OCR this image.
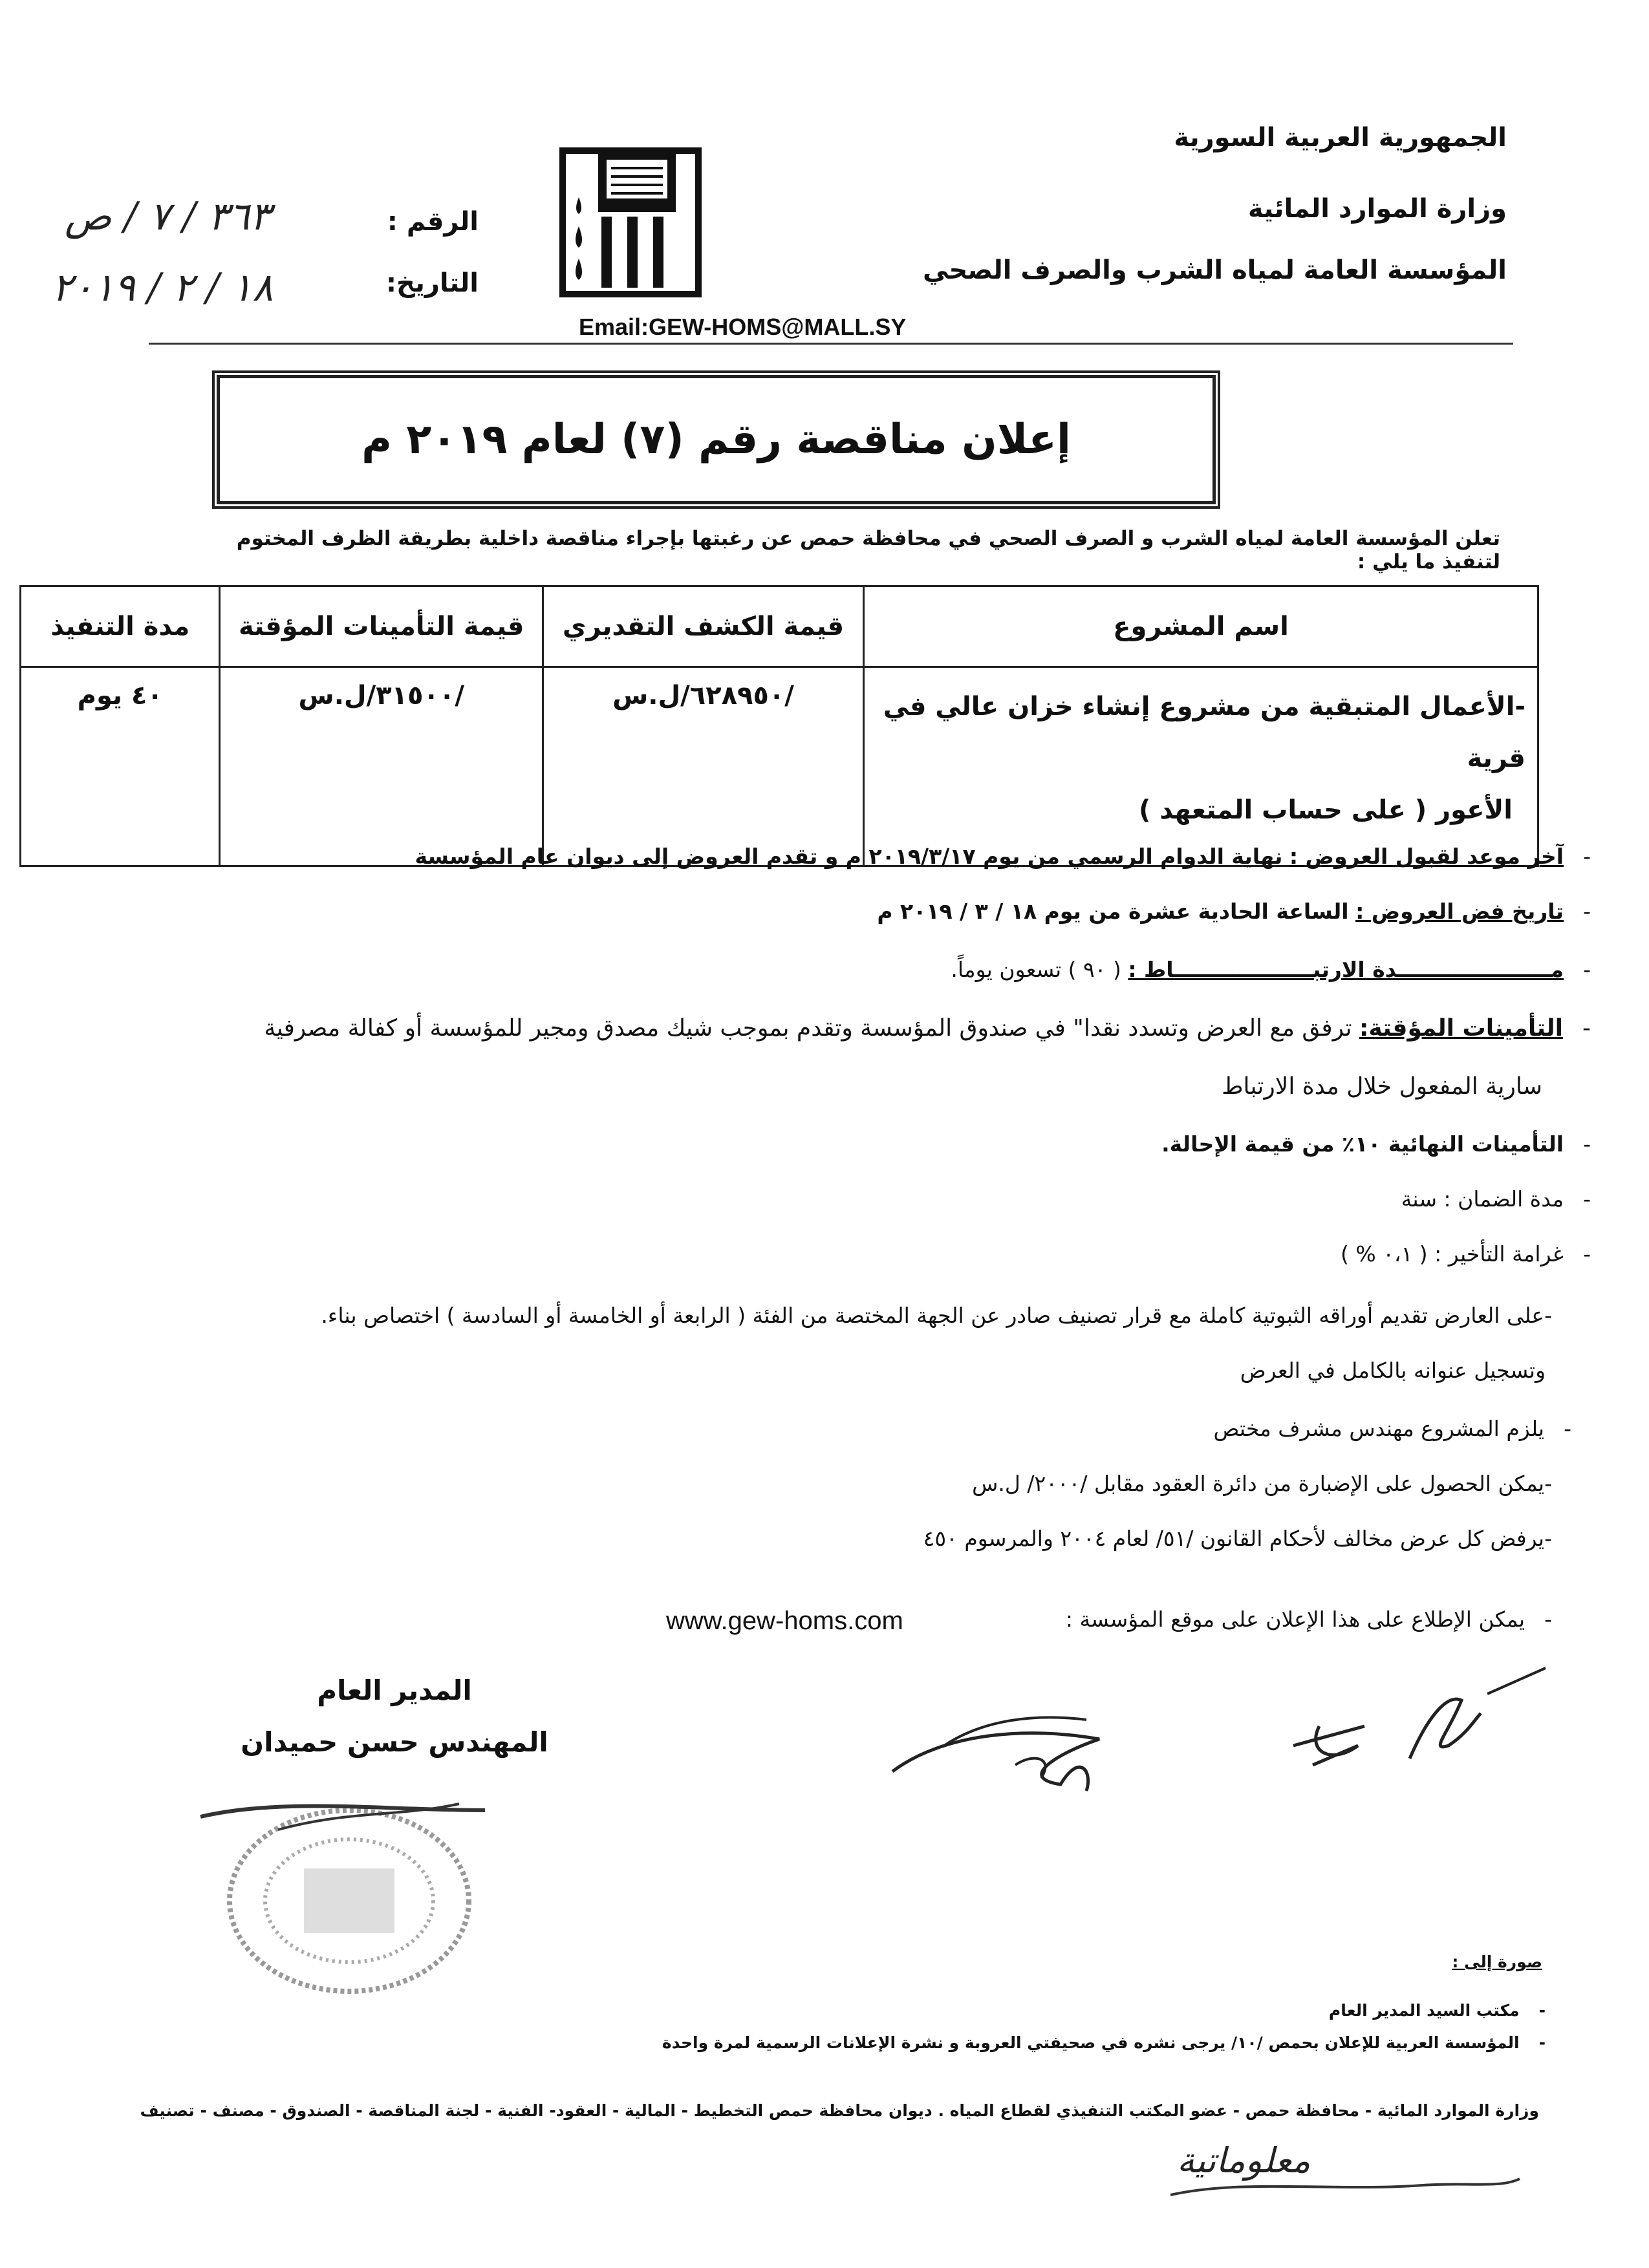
الجمهورية العربية السورية
وزارة الموارد المائية
المؤسسة العامة لمياه الشرب والصرف الصحي
Email:GEW-HOMS@MALL.SY
الرقم :
٣٦٣ / ٧ / ص
التاريخ:
١٨ / ٢ / ٢٠١٩
إعلان مناقصة رقم (٧) لعام ٢٠١٩ م
تعلن المؤسسة العامة لمياه الشرب و الصرف الصحي في محافظة حمص عن رغبتها بإجراء مناقصة داخلية بطريقة الظرف المختوم لتنفيذ ما يلي :
اسم المشروع	قيمة الكشف التقديري	قيمة التأمينات المؤقتة	مدة التنفيذ

-الأعمال المتبقية من مشروع إنشاء خزان عالي في قرية
الأعور ( على حساب المتعهد )	/٦٢٨٩٥٠/ل.س	/٣١٥٠٠/ل.س	٤٠ يوم
-آخر موعد لقبول العروض : نهاية الدوام الرسمي من يوم ٢٠١٩/٣/١٧ م و تقدم العروض إلى ديوان عام المؤسسة
-تاريخ فض العروض : الساعة الحادية عشرة من يوم ١٨ / ٣ / ٢٠١٩ م
-مـــــــــــــــــــــدة الارتبـــــــــــــــــــاط : ( ٩٠ ) تسعون يوماً.
-التأمينات المؤقتة: ترفق مع العرض وتسدد نقدا" في صندوق المؤسسة وتقدم بموجب شيك مصدق ومجير للمؤسسة أو كفالة مصرفية
سارية المفعول خلال مدة الارتباط
-التأمينات النهائية ١٠٪ من قيمة الإحالة.
-مدة الضمان : سنة
-غرامة التأخير : ( ٠،١ % )
-على العارض تقديم أوراقه الثبوتية كاملة مع قرار تصنيف صادر عن الجهة المختصة من الفئة ( الرابعة أو الخامسة أو السادسة ) اختصاص بناء.
وتسجيل عنوانه بالكامل في العرض
-يلزم المشروع مهندس مشرف مختص
-يمكن الحصول على الإضبارة من دائرة العقود مقابل /٢٠٠٠/ ل.س
-يرفض كل عرض مخالف لأحكام القانون /٥١/ لعام ٢٠٠٤ والمرسوم ٤٥٠
-يمكن الإطلاع على هذا الإعلان على موقع المؤسسة :
www.gew-homs.com
المدير العام
المهندس حسن حميدان
صورة إلى :
-مكتب السيد المدير العام
-المؤسسة العربية للإعلان بحمص /١٠/ يرجى نشره في صحيفتي العروبة و نشرة الإعلانات الرسمية لمرة واحدة
وزارة الموارد المائية - محافظة حمص - عضو المكتب التنفيذي لقطاع المياه . ديوان محافظة حمص التخطيط - المالية - العقود- الفنية - لجنة المناقصة - الصندوق - مصنف - تصنيف
معلوماتية
